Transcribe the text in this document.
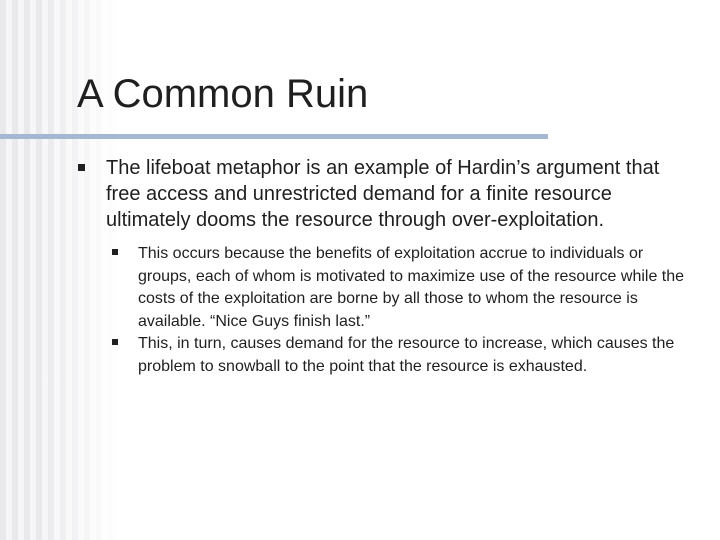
A Common Ruin
The lifeboat metaphor is an example of Hardin’s argument that free access and unrestricted demand for a finite resource ultimately dooms the resource through over-exploitation.
This occurs because the benefits of exploitation accrue to individuals or groups, each of whom is motivated to maximize use of the resource while the costs of the exploitation are borne by all those to whom the resource is available. “Nice Guys finish last.”
This, in turn, causes demand for the resource to increase, which causes the problem to snowball to the point that the resource is exhausted.
